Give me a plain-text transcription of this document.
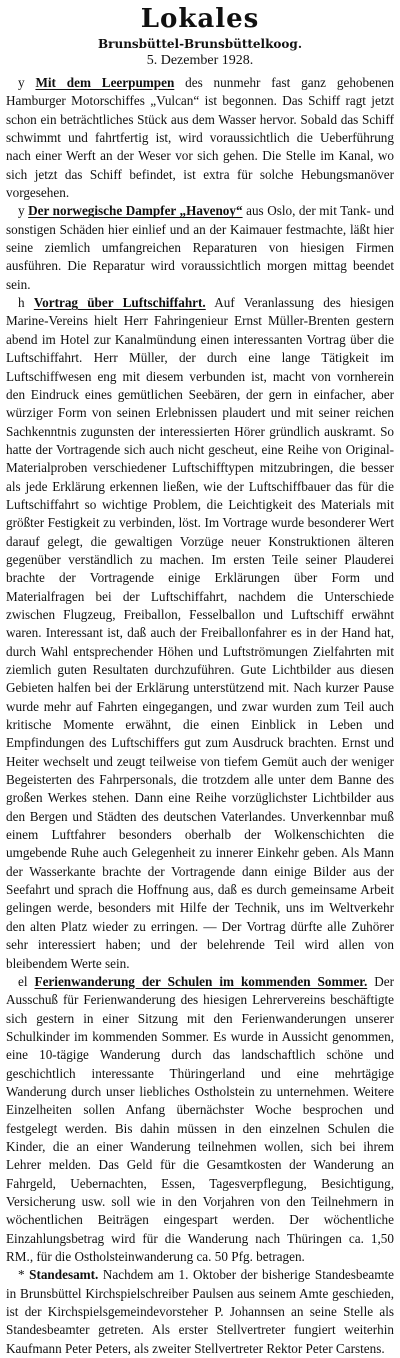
Lokales
Brunsbüttel-Brunsbüttelkoog.
5. Dezember 1928.

y Mit dem Leerpumpen des nunmehr fast ganz gehobenen Hamburger Motorschiffes „Vulcan“ ist begonnen. Das Schiff ragt jetzt schon ein beträchtliches Stück aus dem Wasser hervor. Sobald das Schiff schwimmt und fahrtfertig ist, wird voraussichtlich die Ueberführung nach einer Werft an der Weser vor sich gehen. Die Stelle im Kanal, wo sich jetzt das Schiff befindet, ist extra für solche Hebungsmanöver vorgesehen.

y Der norwegische Dampfer „Havenoy“ aus Oslo, der mit Tank- und sonstigen Schäden hier einlief und an der Kaimauer festmachte, läßt hier seine ziemlich umfangreichen Reparaturen von hiesigen Firmen ausführen. Die Reparatur wird voraussichtlich morgen mittag beendet sein.

h Vortrag über Luftschiffahrt. Auf Veranlassung des hiesigen Marine-Vereins hielt Herr Fahringenieur Ernst Müller-Brenten gestern abend im Hotel zur Kanalmündung einen interessanten Vortrag über die Luftschiffahrt. Herr Müller, der durch eine lange Tätigkeit im Luftschiffwesen eng mit diesem verbunden ist, macht von vornherein den Eindruck eines gemütlichen Seebären, der gern in einfacher, aber würziger Form von seinen Erlebnissen plaudert und mit seiner reichen Sachkenntnis zugunsten der interessierten Hörer gründlich auskramt. So hatte der Vortragende sich auch nicht gescheut, eine Reihe von Original-Materialproben verschiedener Luftschifftypen mitzubringen, die besser als jede Erklärung erkennen ließen, wie der Luftschiffbauer das für die Luftschiffahrt so wichtige Problem, die Leichtigkeit des Materials mit größter Festigkeit zu verbinden, löst. Im Vortrage wurde besonderer Wert darauf gelegt, die gewaltigen Vorzüge neuer Konstruktionen älteren gegenüber verständlich zu machen. Im ersten Teile seiner Plauderei brachte der Vortragende einige Erklärungen über Form und Materialfragen bei der Luftschiffahrt, nachdem die Unterschiede zwischen Flugzeug, Freiballon, Fesselballon und Luftschiff erwähnt waren. Interessant ist, daß auch der Freiballonfahrer es in der Hand hat, durch Wahl entsprechender Höhen und Luftströmungen Zielfahrten mit ziemlich guten Resultaten durchzuführen. Gute Lichtbilder aus diesen Gebieten halfen bei der Erklärung unterstützend mit. Nach kurzer Pause wurde mehr auf Fahrten eingegangen, und zwar wurden zum Teil auch kritische Momente erwähnt, die einen Einblick in Leben und Empfindungen des Luftschiffers gut zum Ausdruck brachten. Ernst und Heiter wechselt und zeugt teilweise von tiefem Gemüt auch der weniger Begeisterten des Fahrpersonals, die trotzdem alle unter dem Banne des großen Werkes stehen. Dann eine Reihe vorzüglichster Lichtbilder aus den Bergen und Städten des deutschen Vaterlandes. Unverkennbar muß einem Luftfahrer besonders oberhalb der Wolkenschichten die umgebende Ruhe auch Gelegenheit zu innerer Einkehr geben. Als Mann der Wasserkante brachte der Vortragende dann einige Bilder aus der Seefahrt und sprach die Hoffnung aus, daß es durch gemeinsame Arbeit gelingen werde, besonders mit Hilfe der Technik, uns im Weltverkehr den alten Platz wieder zu erringen. — Der Vortrag dürfte alle Zuhörer sehr interessiert haben; und der belehrende Teil wird allen von bleibendem Werte sein.

el Ferienwanderung der Schulen im kommenden Sommer. Der Ausschuß für Ferienwanderung des hiesigen Lehrervereins beschäftigte sich gestern in einer Sitzung mit den Ferienwanderungen unserer Schulkinder im kommenden Sommer. Es wurde in Aussicht genommen, eine 10-tägige Wanderung durch das landschaftlich schöne und geschichtlich interessante Thüringerland und eine mehrtägige Wanderung durch unser liebliches Ostholstein zu unternehmen. Weitere Einzelheiten sollen Anfang übernächster Woche besprochen und festgelegt werden. Bis dahin müssen in den einzelnen Schulen die Kinder, die an einer Wanderung teilnehmen wollen, sich bei ihrem Lehrer melden. Das Geld für die Gesamtkosten der Wanderung an Fahrgeld, Uebernachten, Essen, Tagesverpflegung, Besichtigung, Versicherung usw. soll wie in den Vorjahren von den Teilnehmern in wöchentlichen Beiträgen eingespart werden. Der wöchentliche Einzahlungsbetrag wird für die Wanderung nach Thüringen ca. 1,50 RM., für die Ostholsteinwanderung ca. 50 Pfg. betragen.

* Standesamt. Nachdem am 1. Oktober der bisherige Standesbeamte in Brunsbüttel Kirchspielschreiber Paulsen aus seinem Amte geschieden, ist der Kirchspielsgemeindevorsteher P. Johannsen an seine Stelle als Standesbeamter getreten. Als erster Stellvertreter fungiert weiterhin Kaufmann Peter Peters, als zweiter Stellvertreter Rektor Peter Carstens.
